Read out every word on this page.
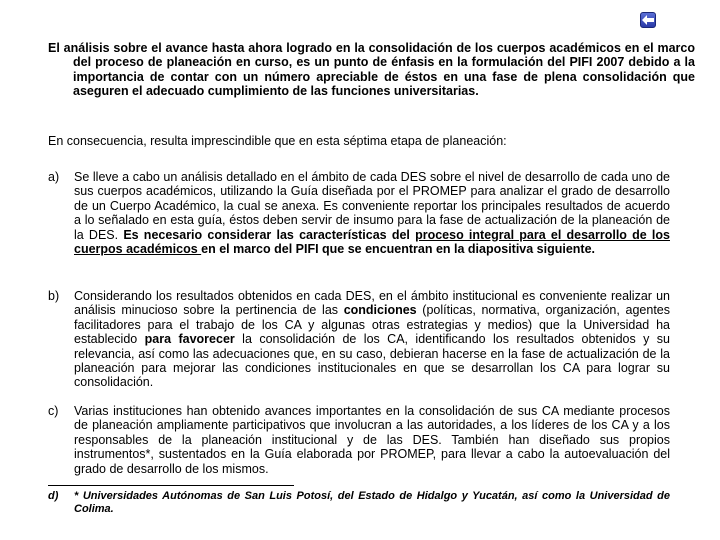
El análisis sobre el avance hasta ahora logrado en la consolidación de los cuerpos académicos en el marco del proceso de planeación en curso, es un punto de énfasis en la formulación del PIFI 2007 debido a la importancia de contar con un número apreciable de éstos en una fase de plena consolidación que aseguren el adecuado cumplimiento de las funciones universitarias.

En consecuencia, resulta imprescindible que en esta séptima etapa de planeación:

a)	Se lleve a cabo un análisis detallado en el ámbito de cada DES sobre el nivel de desarrollo de cada uno de sus cuerpos académicos, utilizando la Guía diseñada por el PROMEP para analizar el grado de desarrollo de un Cuerpo Académico, la cual se anexa. Es conveniente reportar los principales resultados de acuerdo a lo señalado en esta guía, éstos deben servir de insumo para la fase de actualización de la planeación de la DES. Es necesario considerar las características del proceso integral para el desarrollo de los cuerpos académicos en el marco del PIFI que se encuentran en la diapositiva siguiente.
b)	Considerando los resultados obtenidos en cada DES, en el ámbito institucional es conveniente realizar un análisis minucioso sobre la pertinencia de las condiciones (políticas, normativa, organización, agentes facilitadores para el trabajo de los CA y algunas otras estrategias y medios) que la Universidad ha establecido para favorecer la consolidación de los CA, identificando los resultados obtenidos y su relevancia, así como las adecuaciones que, en su caso, debieran hacerse en la fase de actualización de la planeación para mejorar las condiciones institucionales en que se desarrollan los CA para lograr su consolidación.
c)	Varias instituciones han obtenido avances importantes en la consolidación de sus CA mediante procesos de planeación ampliamente participativos que involucran a las autoridades, a los líderes de los CA y a los responsables de la planeación institucional y de las DES. También han diseñado sus propios instrumentos*, sustentados en la Guía elaborada por PROMEP, para llevar a cabo la autoevaluación del grado de desarrollo de los mismos.
d)	* Universidades Autónomas de San Luis Potosí, del Estado de Hidalgo y Yucatán, así como la Universidad de Colima.
